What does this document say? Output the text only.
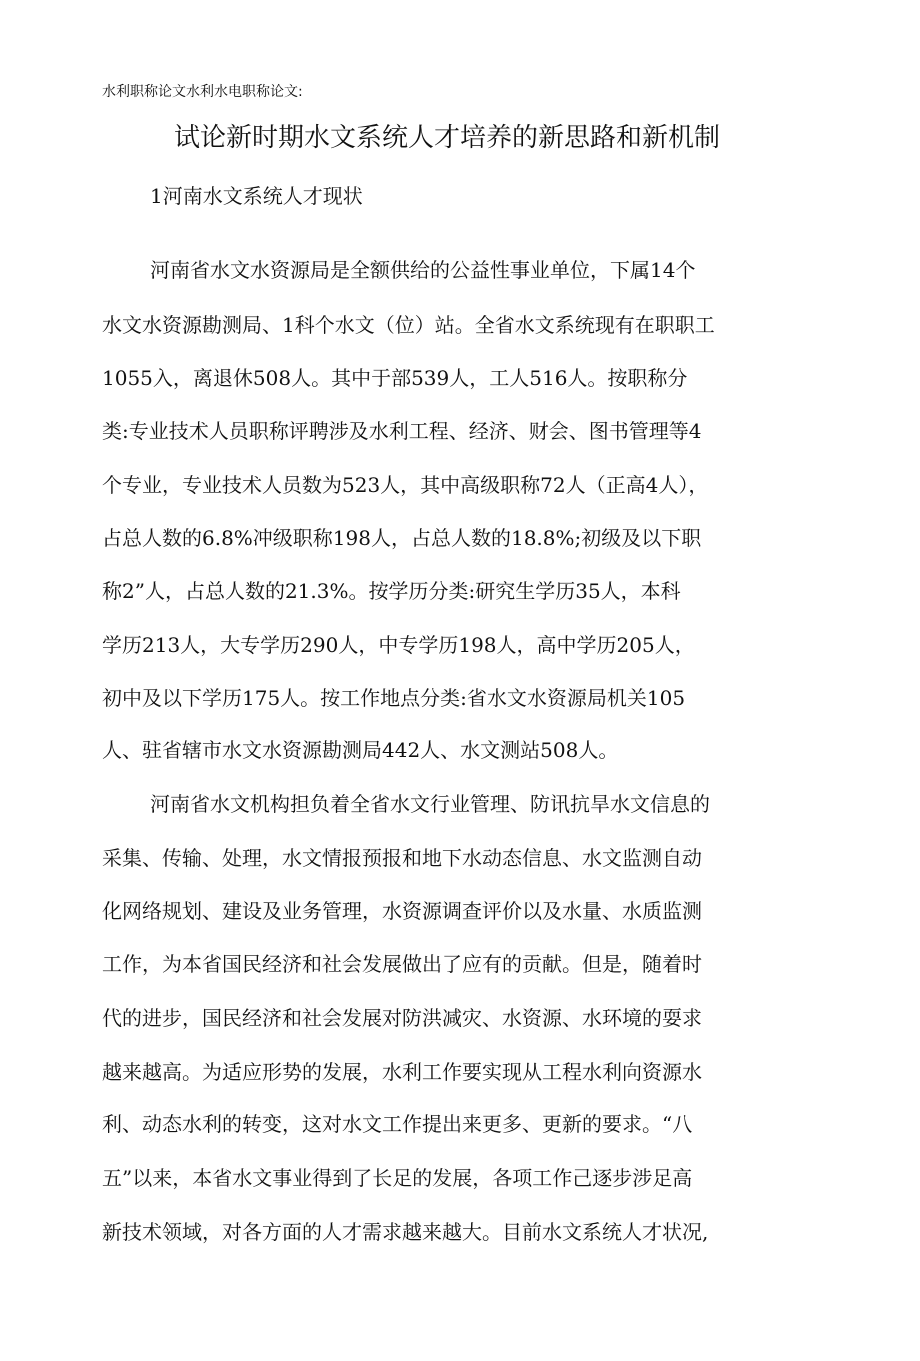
水利职称论文水利水电职称论文:
试论新时期水文系统人才培养的新思路和新机制
1河南水文系统人才现状
河南省水文水资源局是全额供给的公益性事业单位，下属14个
水文水资源勘测局、1科个水文（位）站。全省水文系统现有在职职工
1055入，离退休508人。其中于部539人，工人516人。按职称分
类:专业技术人员职称评聘涉及水利工程、经济、财会、图书管理等4
个专业，专业技术人员数为523人，其中高级职称72人（正高4人），
占总人数的6.8%冲级职称198人，占总人数的18.8%;初级及以下职
称2”人，占总人数的21.3%。按学历分类:研究生学历35人，本科
学历213人，大专学历290人，中专学历198人，高中学历205人，
初中及以下学历175人。按工作地点分类:省水文水资源局机关105
人、驻省辖市水文水资源勘测局442人、水文测站508人。
河南省水文机构担负着全省水文行业管理、防讯抗旱水文信息的
采集、传输、处理，水文情报预报和地下水动态信息、水文监测自动
化网络规划、建设及业务管理，水资源调查评价以及水量、水质监测
工作，为本省国民经济和社会发展做出了应有的贡献。但是，随着时
代的进步，国民经济和社会发展对防洪减灾、水资源、水环境的耍求
越来越高。为适应形势的发展，水利工作要实现从工程水利向资源水
利、动态水利的转变，这对水文工作提出来更多、更新的要求。“八
五”以来，本省水文事业得到了长足的发展，各项工作己逐步涉足高
新技术领域，对各方面的人才需求越来越大。目前水文系统人才状况,
